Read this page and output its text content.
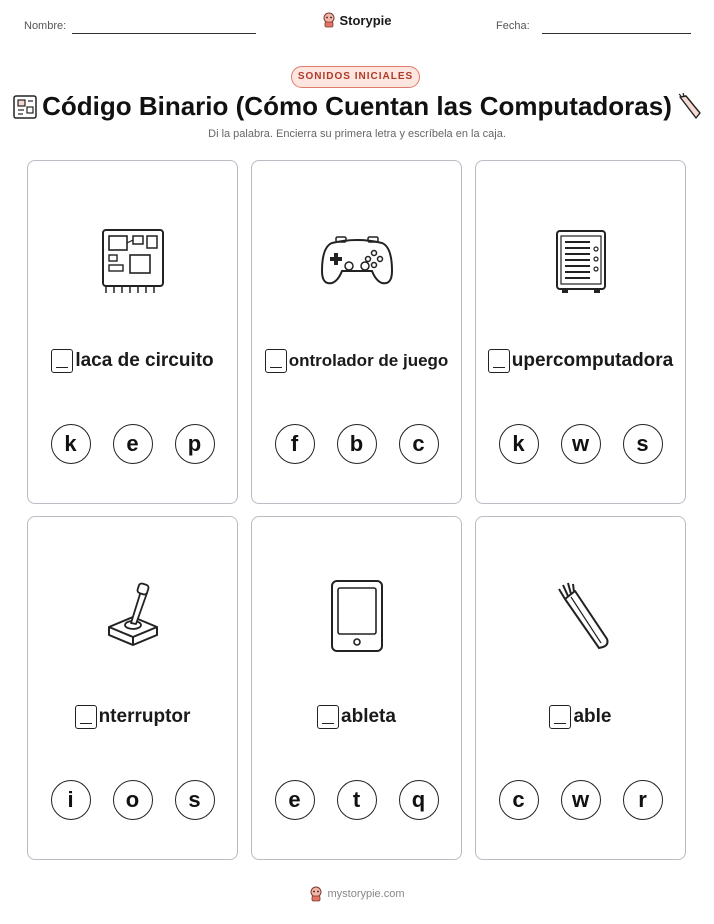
Nombre:	Storypie	Fecha:
SONIDOS INICIALES
Código Binario (Cómo Cuentan las Computadoras)
Di la palabra. Encierra su primera letra y escríbela en la caja.
laca de circuito
k	e	p
ontrolador de juego
f	b	c
upercomputadora
k	w	s
nterruptor
i	o	s
ableta
e	t	q
able
c	w	r
mystorypie.com
